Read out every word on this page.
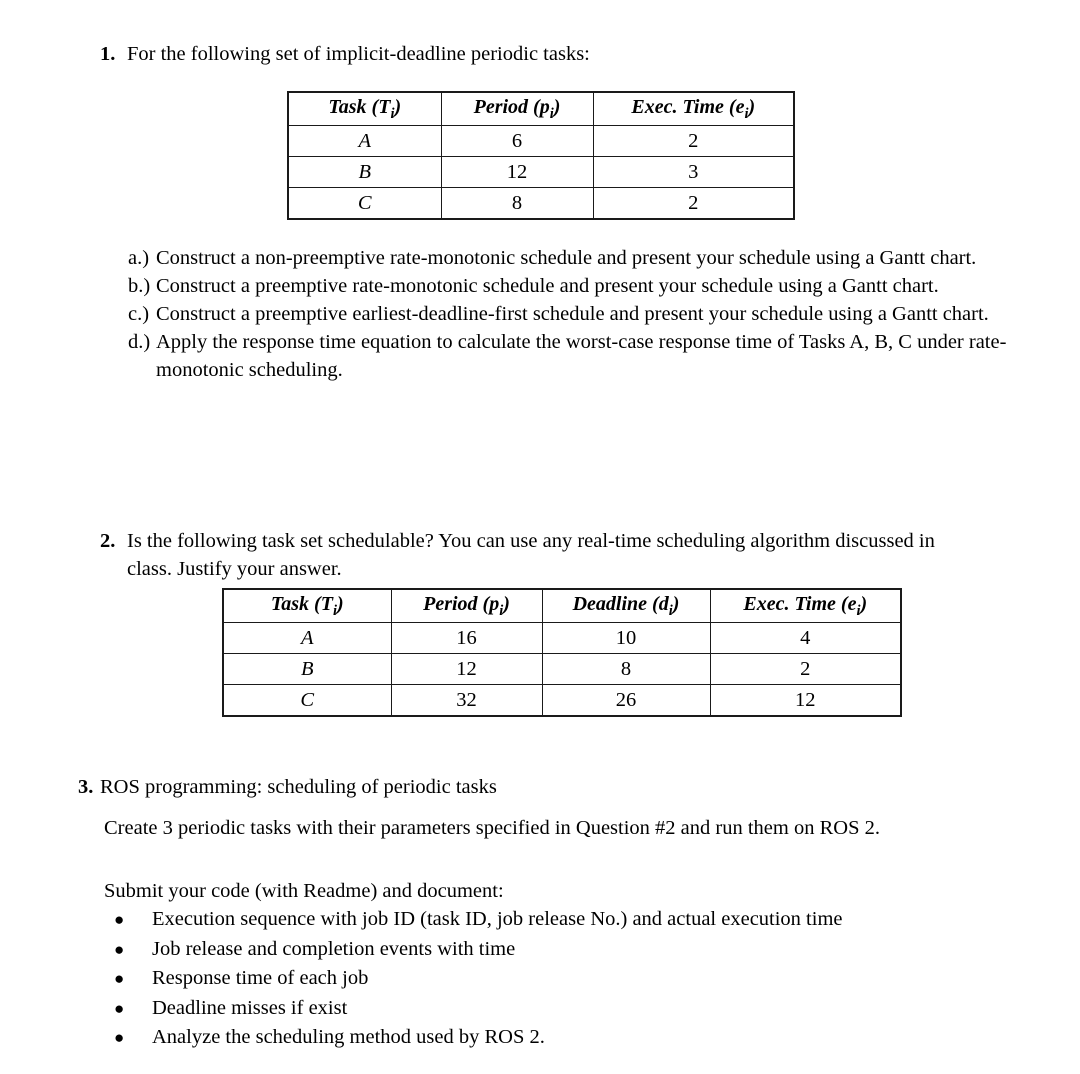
1. For the following set of implicit-deadline periodic tasks:
Task $(T_i)$	Period $(p_i)$	Exec. Time $(e_i)$
A	6	2
B	12	3
C	8	2
a.) Construct a non-preemptive rate-monotonic schedule and present your schedule using a Gantt chart.
b.) Construct a preemptive rate-monotonic schedule and present your schedule using a Gantt chart.
c.) Construct a preemptive earliest-deadline-first schedule and present your schedule using a Gantt chart.
d.) Apply the response time equation to calculate the worst-case response time of Tasks A, B, C under rate-monotonic scheduling.
2. Is the following task set schedulable? You can use any real-time scheduling algorithm discussed in class. Justify your answer.
Task $(T_i)$	Period $(p_i)$	Deadline $(d_i)$	Exec. Time $(e_i)$
A	16	10	4
B	12	8	2
C	32	26	12
3. ROS programming: scheduling of periodic tasks
Create 3 periodic tasks with their parameters specified in Question #2 and run them on ROS 2.
Submit your code (with Readme) and document:
●	Execution sequence with job ID (task ID, job release No.) and actual execution time
●	Job release and completion events with time
●	Response time of each job
●	Deadline misses if exist
●	Analyze the scheduling method used by ROS 2.
